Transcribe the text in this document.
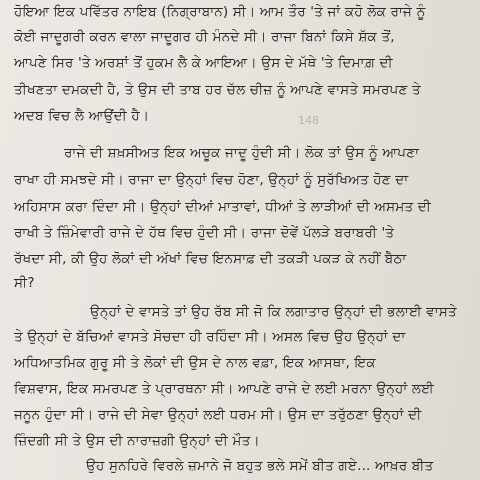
148
ਹੋਇਆ ਇਕ ਪਵਿੱਤਰ ਨਾਇਬ (ਨਿਗ੍ਰਾਬਾਨ) ਸੀ। ਆਮ ਤੌਰ 'ਤੇ ਜਾਂ ਕਹੋ ਲੋਕ ਰਾਜੇ ਨੂੰ
ਕੋਈ ਜਾਦੂਗਰੀ ਕਰਨ ਵਾਲਾ ਜਾਦੂਗਰ ਹੀ ਮੰਨਦੇ ਸੀ। ਰਾਜਾ ਬਿਨਾਂ ਕਿਸੇ ਸ਼ੱਕ ਤੋਂ,
ਆਪਣੇ ਸਿਰ 'ਤੇ ਅਰਸ਼ਾਂ ਤੋਂ ਹੁਕਮ ਲੈ ਕੇ ਆਇਆ। ਉਸ ਦੇ ਮੱਥੇ 'ਤੇ ਦਿਮਾਗ਼ ਦੀ
ਤੀਖਣਤਾ ਦਮਕਦੀ ਹੈ, ਤੇ ਉਸ ਦੀ ਤਾਬ ਹਰ ਚੱਲ ਚੀਜ਼ ਨੂੰ ਆਪਣੇ ਵਾਸਤੇ ਸਮਰਪਣ ਤੇ
ਅਦਬ ਵਿਚ ਲੈ ਆਉਂਦੀ ਹੈ।
ਰਾਜੇ ਦੀ ਸ਼ਖ਼ਸੀਅਤ ਇਕ ਅਚੂਕ ਜਾਦੂ ਹੁੰਦੀ ਸੀ। ਲੋਕ ਤਾਂ ਉਸ ਨੂੰ ਆਪਣਾ
ਰਾਖਾ ਹੀ ਸਮਝਦੇ ਸੀ। ਰਾਜਾ ਦਾ ਉਨ੍ਹਾਂ ਵਿਚ ਹੋਣਾ, ਉਨ੍ਹਾਂ ਨੂੰ ਸੁਰੱਖਿਅਤ ਹੋਣ ਦਾ
ਅਹਿਸਾਸ ਕਰਾ ਦਿੰਦਾ ਸੀ। ਉਨ੍ਹਾਂ ਦੀਆਂ ਮਾਤਾਵਾਂ, ਧੀਆਂ ਤੇ ਲਾੜੀਆਂ ਦੀ ਅਸਮਤ ਦੀ
ਰਾਖੀ ਤੇ ਜ਼ਿੰਮੇਵਾਰੀ ਰਾਜੇ ਦੇ ਹੱਥ ਵਿਚ ਹੁੰਦੀ ਸੀ। ਰਾਜਾ ਦੋਵੇਂ ਪੱਲੜੇ ਬਰਾਬਰੀ 'ਤੇ
ਰੱਖਦਾ ਸੀ, ਕੀ ਉਹ ਲੋਕਾਂ ਦੀ ਅੱਖਾਂ ਵਿਚ ਇਨਸਾਫ਼ ਦੀ ਤਕੜੀ ਪਕੜ ਕੇ ਨਹੀਂ ਬੈਠਾ
ਸੀ?
ਉਨ੍ਹਾਂ ਦੇ ਵਾਸਤੇ ਤਾਂ ਉਹ ਰੱਬ ਸੀ ਜੋ ਕਿ ਲਗਾਤਾਰ ਉਨ੍ਹਾਂ ਦੀ ਭਲਾਈ ਵਾਸਤੇ
ਤੇ ਉਨ੍ਹਾਂ ਦੇ ਬੱਚਿਆਂ ਵਾਸਤੇ ਸੋਚਦਾ ਹੀ ਰਹਿੰਦਾ ਸੀ। ਅਸਲ ਵਿਚ ਉਹ ਉਨ੍ਹਾਂ ਦਾ
ਅਧਿਆਤਮਿਕ ਗੁਰੂ ਸੀ ਤੇ ਲੋਕਾਂ ਦੀ ਉਸ ਦੇ ਨਾਲ ਵਫ਼ਾ, ਇਕ ਆਸਥਾ, ਇਕ
ਵਿਸ਼ਵਾਸ, ਇਕ ਸਮਰਪਣ ਤੇ ਪ੍ਰਾਰਥਨਾ ਸੀ। ਆਪਣੇ ਰਾਜੇ ਦੇ ਲਈ ਮਰਨਾ ਉਨ੍ਹਾਂ ਲਈ
ਜਨੂਨ ਹੁੰਦਾ ਸੀ। ਰਾਜੇ ਦੀ ਸੇਵਾ ਉਨ੍ਹਾਂ ਲਈ ਧਰਮ ਸੀ। ਉਸ ਦਾ ਤਰੁੱਠਣਾ ਉਨ੍ਹਾਂ ਦੀ
ਜ਼ਿੰਦਗੀ ਸੀ ਤੇ ਉਸ ਦੀ ਨਾਰਾਜ਼ਗੀ ਉਨ੍ਹਾਂ ਦੀ ਮੌਤ।
ਉਹ ਸੁਨਹਿਰੇ ਵਿਰਲੇ ਜ਼ਮਾਨੇ ਜੋ ਬਹੁਤ ਭਲੇ ਸਮੇਂ ਬੀਤ ਗਏ... ਆਖ਼ਰ ਬੀਤ
